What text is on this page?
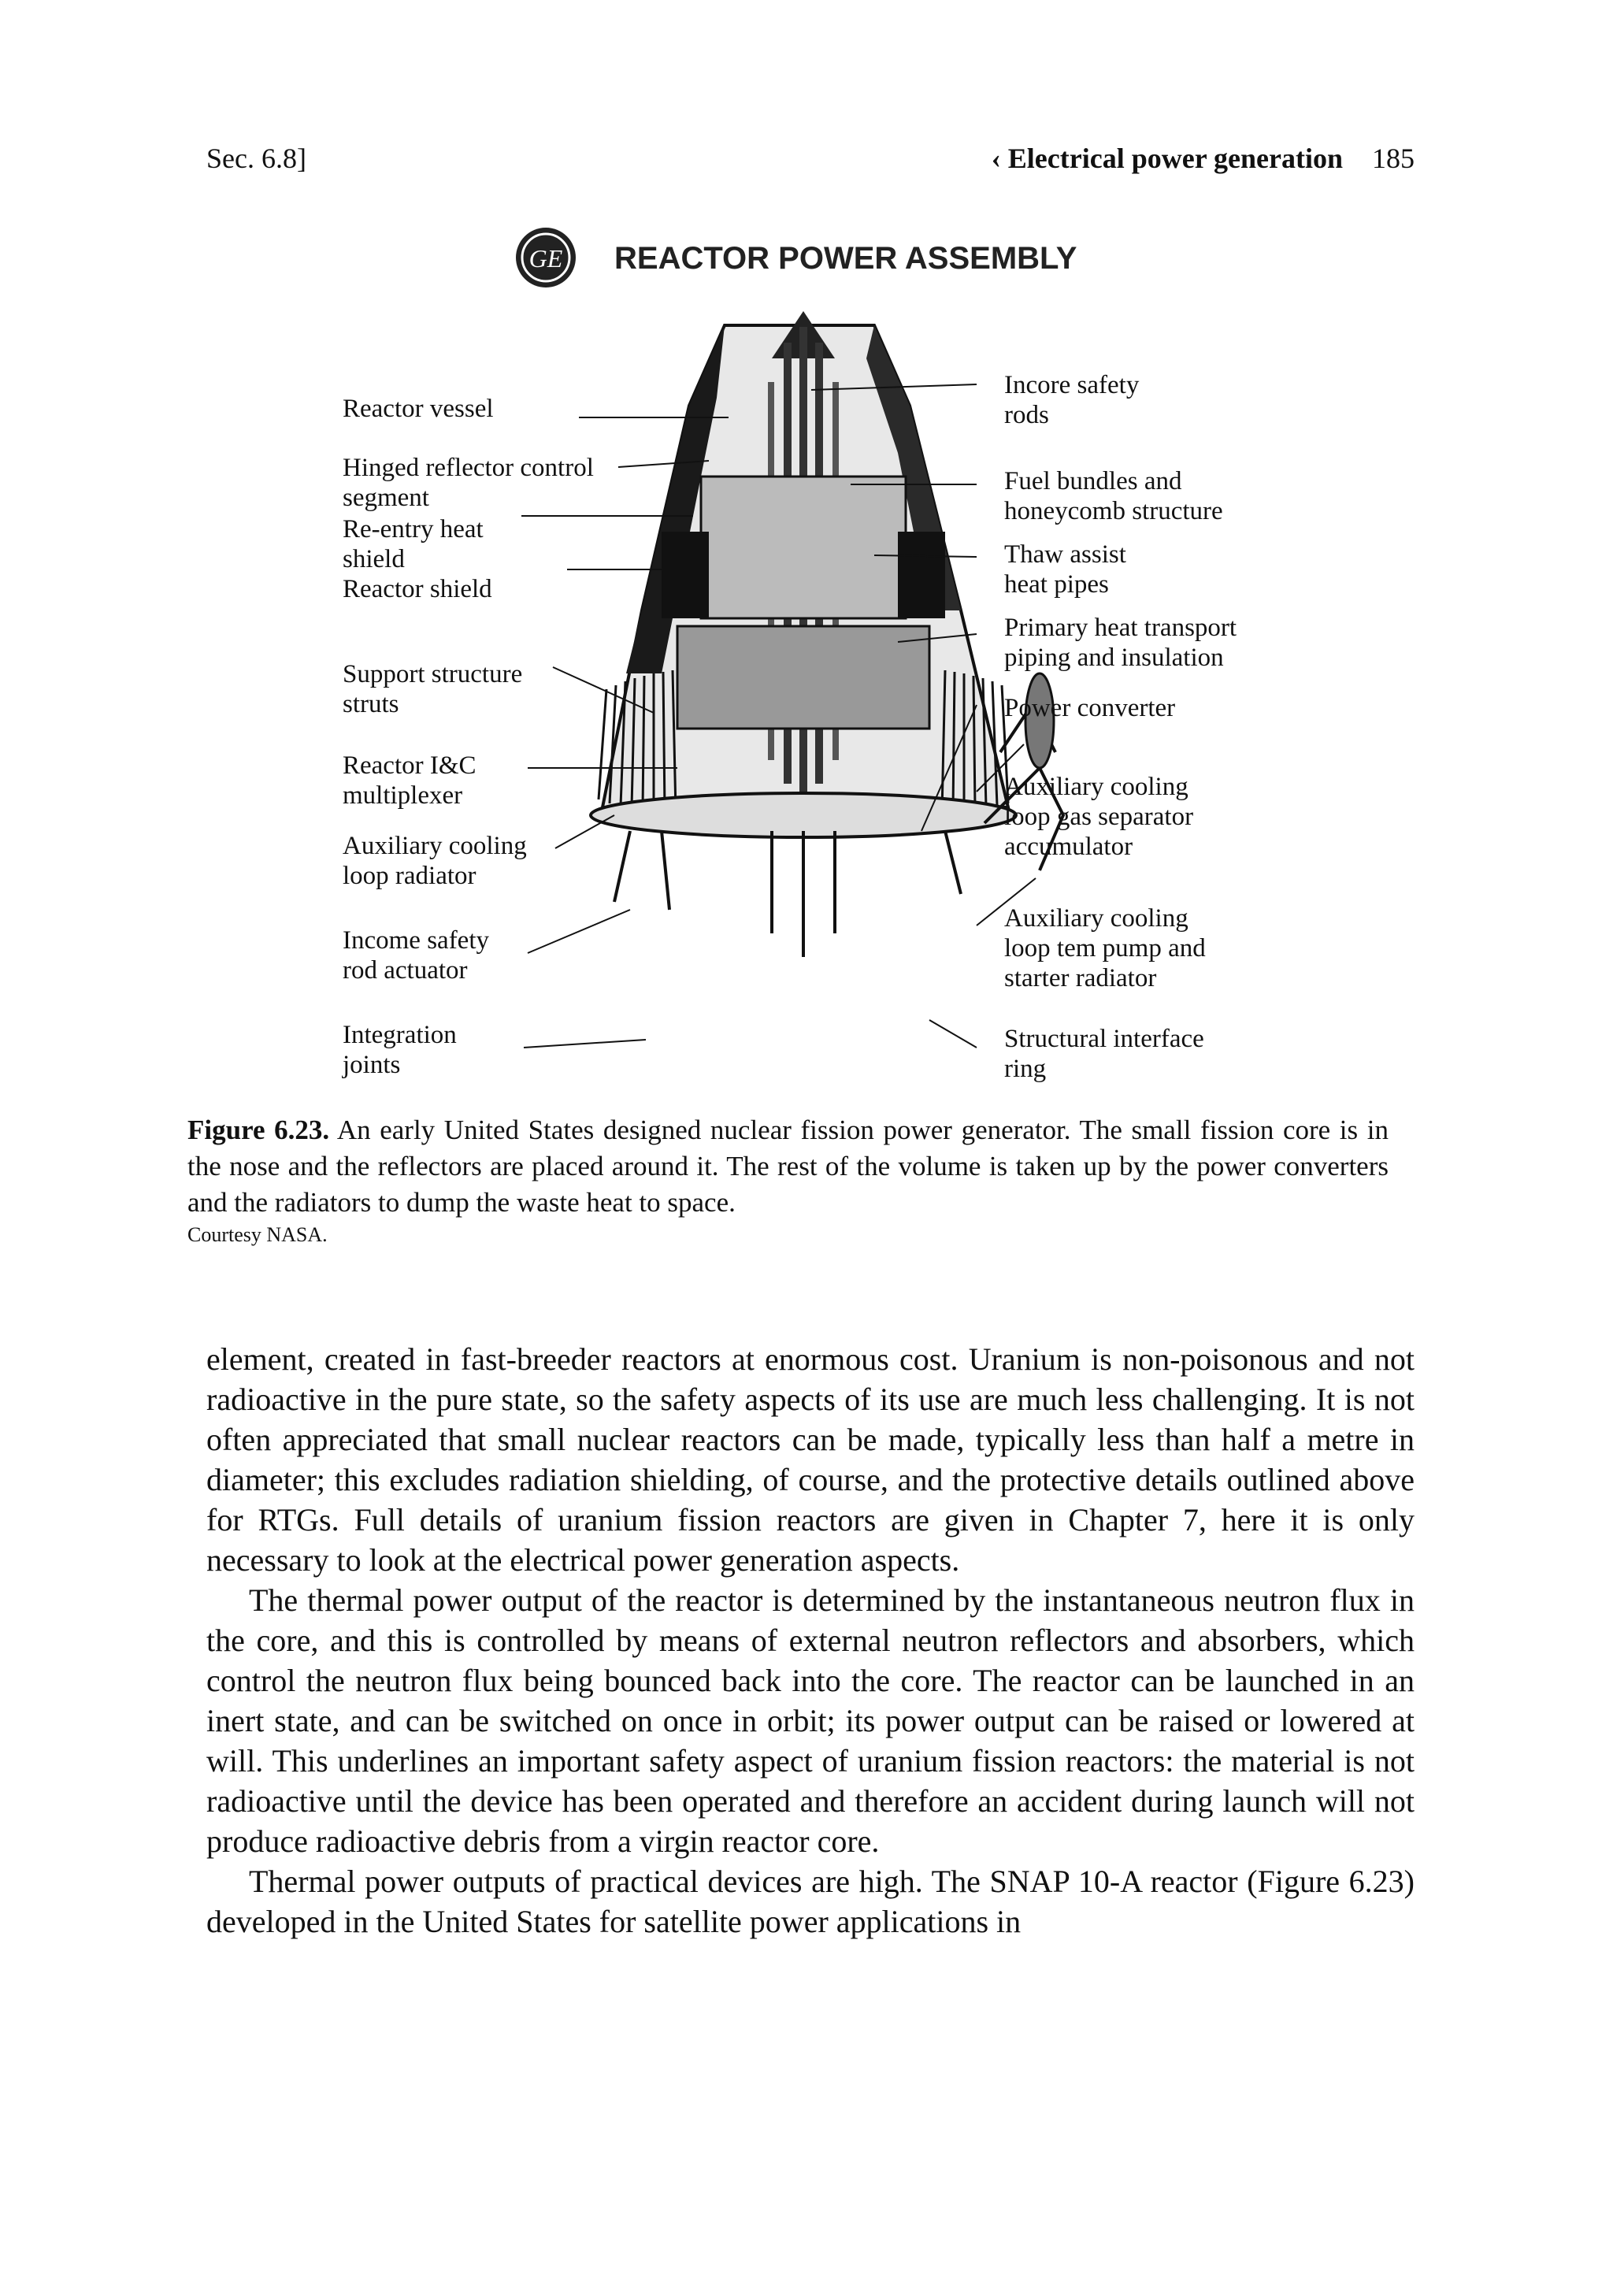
Sec. 6.8]	‹ Electrical power generation 185
GE REACTOR POWER ASSEMBLY
Reactor vessel
Hinged reflector control
segment
Re-entry heat
shield
Reactor shield
Support structure
struts
Reactor I&C
multiplexer
Auxiliary cooling
loop radiator
Income safety
rod actuator
Integration
joints
Incore safety
rods
Fuel bundles and
honeycomb structure
Thaw assist
heat pipes
Primary heat transport
piping and insulation
Power converter
Auxiliary cooling
loop gas separator
accumulator
Auxiliary cooling
loop tem pump and
starter radiator
Structural interface
ring
Figure 6.23. An early United States designed nuclear fission power generator. The small fission core is in the nose and the reflectors are placed around it. The rest of the volume is taken up by the power converters and the radiators to dump the waste heat to space.
Courtesy NASA.

element, created in fast-breeder reactors at enormous cost. Uranium is non-poisonous and not radioactive in the pure state, so the safety aspects of its use are much less challenging. It is not often appreciated that small nuclear reactors can be made, typically less than half a metre in diameter; this excludes radiation shielding, of course, and the protective details outlined above for RTGs. Full details of uranium fission reactors are given in Chapter 7, here it is only necessary to look at the electrical power generation aspects.

The thermal power output of the reactor is determined by the instantaneous neutron flux in the core, and this is controlled by means of external neutron reflectors and absorbers, which control the neutron flux being bounced back into the core. The reactor can be launched in an inert state, and can be switched on once in orbit; its power output can be raised or lowered at will. This underlines an important safety aspect of uranium fission reactors: the material is not radioactive until the device has been operated and therefore an accident during launch will not produce radioactive debris from a virgin reactor core.

Thermal power outputs of practical devices are high. The SNAP 10-A reactor (Figure 6.23) developed in the United States for satellite power applications in
